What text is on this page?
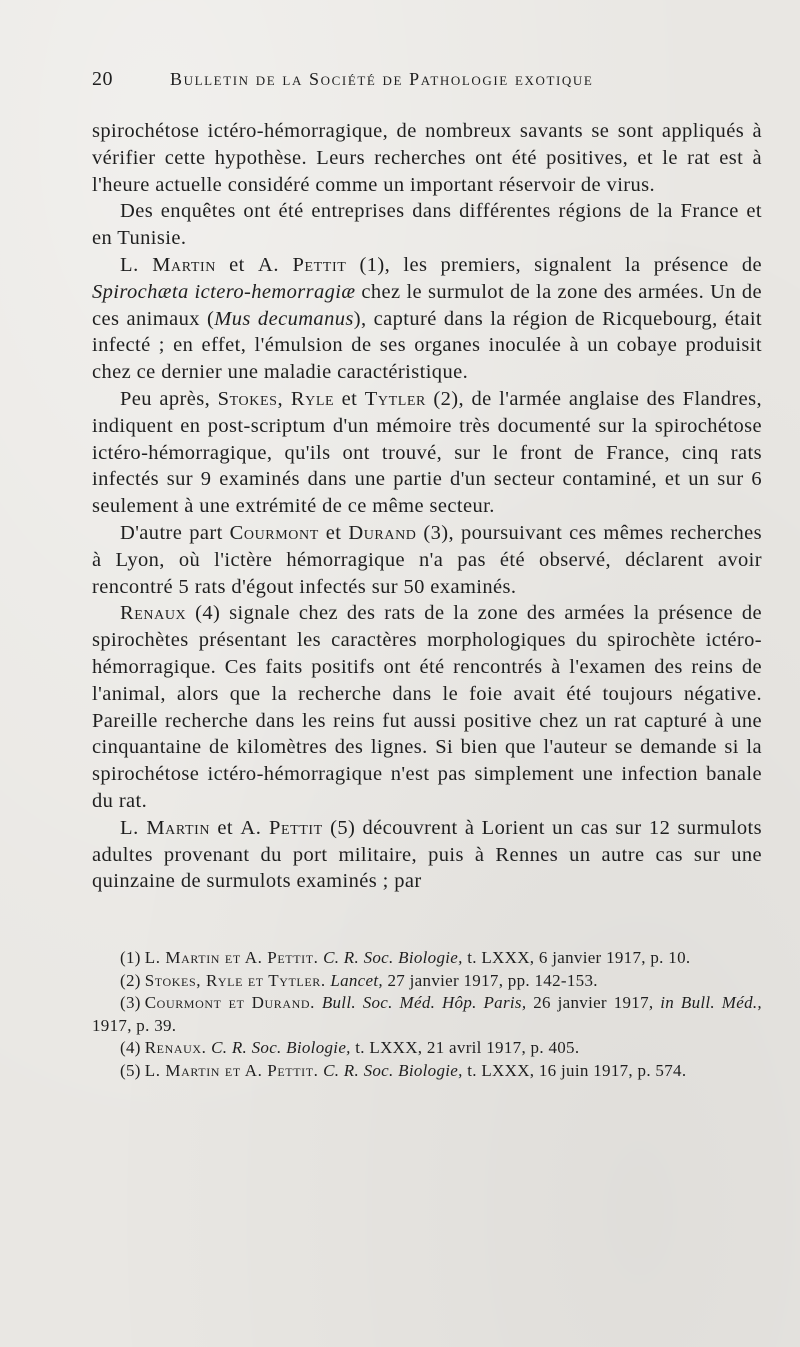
20	Bulletin de la Société de Pathologie exotique

spirochétose ictéro-hémorragique, de nombreux savants se sont appliqués à vérifier cette hypothèse. Leurs recherches ont été positives, et le rat est à l'heure actuelle considéré comme un important réservoir de virus.

Des enquêtes ont été entreprises dans différentes régions de la France et en Tunisie.

L. Martin et A. Pettit (1), les premiers, signalent la présence de Spirochæta ictero-hemorragiæ chez le surmulot de la zone des armées. Un de ces animaux (Mus decumanus), capturé dans la région de Ricquebourg, était infecté ; en effet, l'émulsion de ses organes inoculée à un cobaye produisit chez ce dernier une maladie caractéristique.

Peu après, Stokes, Ryle et Tytler (2), de l'armée anglaise des Flandres, indiquent en post-scriptum d'un mémoire très documenté sur la spirochétose ictéro-hémorragique, qu'ils ont trouvé, sur le front de France, cinq rats infectés sur 9 examinés dans une partie d'un secteur contaminé, et un sur 6 seulement à une extrémité de ce même secteur.

D'autre part Courmont et Durand (3), poursuivant ces mêmes recherches à Lyon, où l'ictère hémorragique n'a pas été observé, déclarent avoir rencontré 5 rats d'égout infectés sur 50 examinés.

Renaux (4) signale chez des rats de la zone des armées la présence de spirochètes présentant les caractères morphologiques du spirochète ictéro-hémorragique. Ces faits positifs ont été rencontrés à l'examen des reins de l'animal, alors que la recherche dans le foie avait été toujours négative. Pareille recherche dans les reins fut aussi positive chez un rat capturé à une cinquantaine de kilomètres des lignes. Si bien que l'auteur se demande si la spirochétose ictéro-hémorragique n'est pas simplement une infection banale du rat.

L. Martin et A. Pettit (5) découvrent à Lorient un cas sur 12 surmulots adultes provenant du port militaire, puis à Rennes un autre cas sur une quinzaine de surmulots examinés ; par

(1) L. Martin et A. Pettit. C. R. Soc. Biologie, t. LXXX, 6 janvier 1917, p. 10.
(2) Stokes, Ryle et Tytler. Lancet, 27 janvier 1917, pp. 142-153.
(3) Courmont et Durand. Bull. Soc. Méd. Hôp. Paris, 26 janvier 1917, in Bull. Méd., 1917, p. 39.
(4) Renaux. C. R. Soc. Biologie, t. LXXX, 21 avril 1917, p. 405.
(5) L. Martin et A. Pettit. C. R. Soc. Biologie, t. LXXX, 16 juin 1917, p. 574.
